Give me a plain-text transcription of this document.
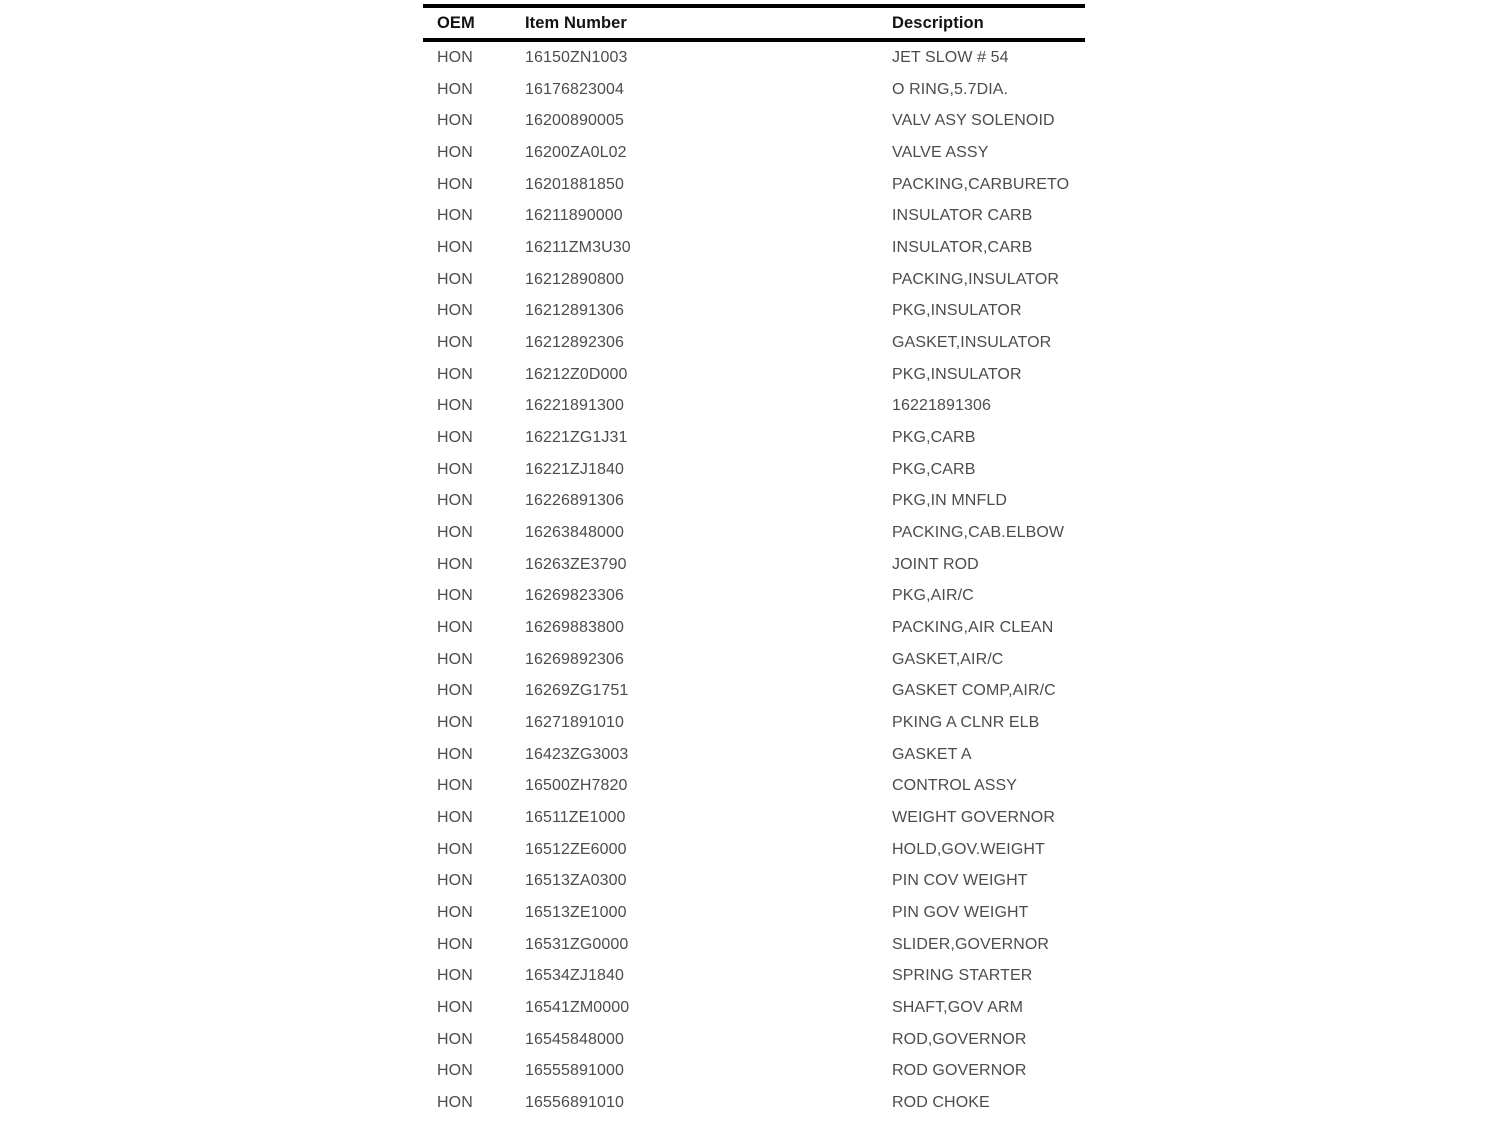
OEM	Item Number	Description
HON	16150ZN1003	JET SLOW # 54
HON	16176823004	O RING,5.7DIA.
HON	16200890005	VALV ASY SOLENOID
HON	16200ZA0L02	VALVE ASSY
HON	16201881850	PACKING,CARBURETO
HON	16211890000	INSULATOR CARB
HON	16211ZM3U30	INSULATOR,CARB
HON	16212890800	PACKING,INSULATOR
HON	16212891306	PKG,INSULATOR
HON	16212892306	GASKET,INSULATOR
HON	16212Z0D000	PKG,INSULATOR
HON	16221891300	16221891306
HON	16221ZG1J31	PKG,CARB
HON	16221ZJ1840	PKG,CARB
HON	16226891306	PKG,IN MNFLD
HON	16263848000	PACKING,CAB.ELBOW
HON	16263ZE3790	JOINT ROD
HON	16269823306	PKG,AIR/C
HON	16269883800	PACKING,AIR CLEAN
HON	16269892306	GASKET,AIR/C
HON	16269ZG1751	GASKET COMP,AIR/C
HON	16271891010	PKING A CLNR ELB
HON	16423ZG3003	GASKET A
HON	16500ZH7820	CONTROL ASSY
HON	16511ZE1000	WEIGHT GOVERNOR
HON	16512ZE6000	HOLD,GOV.WEIGHT
HON	16513ZA0300	PIN COV WEIGHT
HON	16513ZE1000	PIN GOV WEIGHT
HON	16531ZG0000	SLIDER,GOVERNOR
HON	16534ZJ1840	SPRING STARTER
HON	16541ZM0000	SHAFT,GOV ARM
HON	16545848000	ROD,GOVERNOR
HON	16555891000	ROD GOVERNOR
HON	16556891010	ROD CHOKE
